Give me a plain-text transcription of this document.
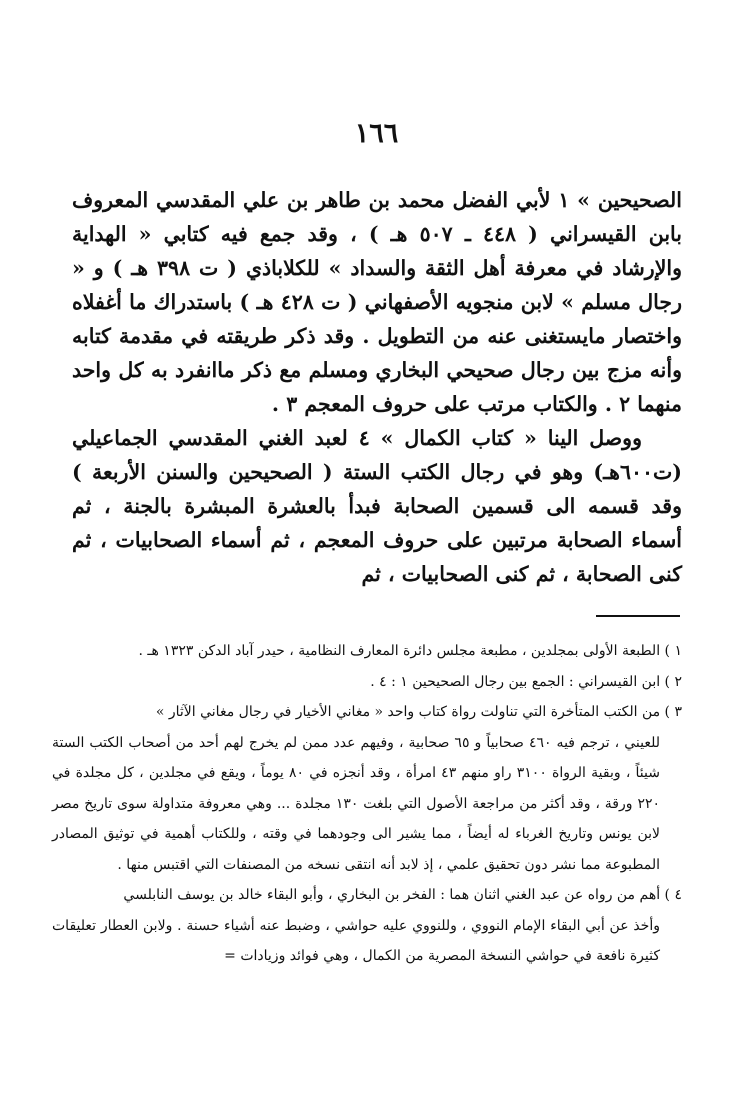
١٦٦

الصحيحين » ١ لأبي الفضل محمد بن طاهر بن علي المقدسي المعروف بابن القيسراني ( ٤٤٨ ـ ٥٠٧ هـ ) ، وقد جمع فيه كتابي « الهداية والإرشاد في معرفة أهل الثقة والسداد » للكلاباذي ( ت ٣٩٨ هـ ) و « رجال مسلم » لابن منجويه الأصفهاني ( ت ٤٢٨ هـ ) باستدراك ما أغفلاه واختصار مايستغنى عنه من التطويل . وقد ذكر طريقته في مقدمة كتابه وأنه مزج بين رجال صحيحي البخاري ومسلم مع ذكر ماانفرد به كل واحد منهما ٢ . والكتاب مرتب على حروف المعجم ٣ .

ووصل الينا « كتاب الكمال » ٤ لعبد الغني المقدسي الجماعيلي (ت٦٠٠هـ) وهو في رجال الكتب الستة ( الصحيحين والسنن الأربعة ) وقد قسمه الى قسمين الصحابة فبدأ بالعشرة المبشرة بالجنة ، ثم أسماء الصحابة مرتبين على حروف المعجم ، ثم أسماء الصحابيات ، ثم كنى الصحابة ، ثم كنى الصحابيات ، ثم

١ ) الطبعة الأولى بمجلدين ، مطبعة مجلس دائرة المعارف النظامية ، حيدر آباد الدكن ١٣٢٣ هـ .

٢ ) ابن القيسراني : الجمع بين رجال الصحيحين ١ : ٤ .

٣ ) من الكتب المتأخرة التي تناولت رواة كتاب واحد « مغاني الأخيار في رجال مغاني الآثار »

للعيني ، ترجم فيه ٤٦٠ صحابياً و ٦٥ صحابية ، وفيهم عدد ممن لم يخرج لهم أحد من أصحاب الكتب الستة شيئاً ، وبقية الرواة ٣١٠٠ راو منهم ٤٣ امرأة ، وقد أنجزه في ٨٠ يوماً ، ويقع في مجلدين ، كل مجلدة في ٢٢٠ ورقة ، وقد أكثر من مراجعة الأصول التي بلغت ١٣٠ مجلدة ... وهي معروفة متداولة سوى تاريخ مصر لابن يونس وتاريخ الغرباء له أيضاً ، مما يشير الى وجودهما في وقته ، وللكتاب أهمية في توثيق المصادر المطبوعة مما نشر دون تحقيق علمي ، إذ لابد أنه انتقى نسخه من المصنفات التي اقتبس منها .

٤ ) أهم من رواه عن عبد الغني اثنان هما : الفخر بن البخاري ، وأبو البقاء خالد بن يوسف النابلسي

وأخذ عن أبي البقاء الإمام النووي ، وللنووي عليه حواشي ، وضبط عنه أشياء حسنة . ولابن العطار تعليقات كثيرة نافعة في حواشي النسخة المصرية من الكمال ، وهي فوائد وزيادات =
